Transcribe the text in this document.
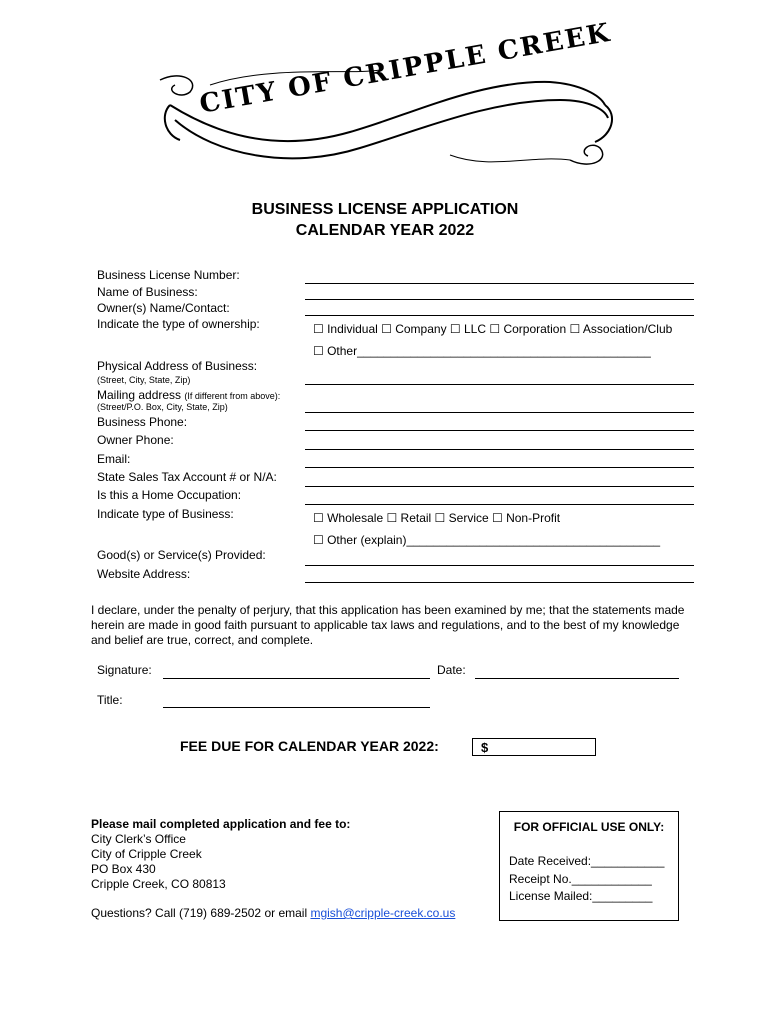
CITY OF CRIPPLE CREEK
BUSINESS LICENSE APPLICATION
CALENDAR YEAR 2022
Business License Number:
Name of Business:
Owner(s) Name/Contact:
Indicate the type of ownership:
Physical Address of Business:
(Street, City, State, Zip)
Mailing address (If different from above):
(Street/P.O. Box, City, State, Zip)
Business Phone:
Owner Phone:
Email:
State Sales Tax Account # or N/A:
Is this a Home Occupation:
Indicate type of Business:
Good(s) or Service(s) Provided:
Website Address:
☐ Individual ☐ Company ☐ LLC ☐ Corporation ☐ Association/Club
☐ Other____________________________________________
☐ Wholesale ☐ Retail ☐ Service ☐ Non-Profit
☐ Other (explain)______________________________________
I declare, under the penalty of perjury, that this application has been examined by me; that the statements made herein are made in good faith pursuant to applicable tax laws and regulations, and to the best of my knowledge and belief are true, correct, and complete.
Signature:	Date:
Title:
FEE DUE FOR CALENDAR YEAR 2022:	$
Please mail completed application and fee to:
City Clerk’s Office
City of Cripple Creek
PO Box 430
Cripple Creek, CO 80813
Questions? Call (719) 689-2502 or email mgish@cripple-creek.co.us
FOR OFFICIAL USE ONLY:
Date Received:___________
Receipt No.____________
License Mailed:_________
